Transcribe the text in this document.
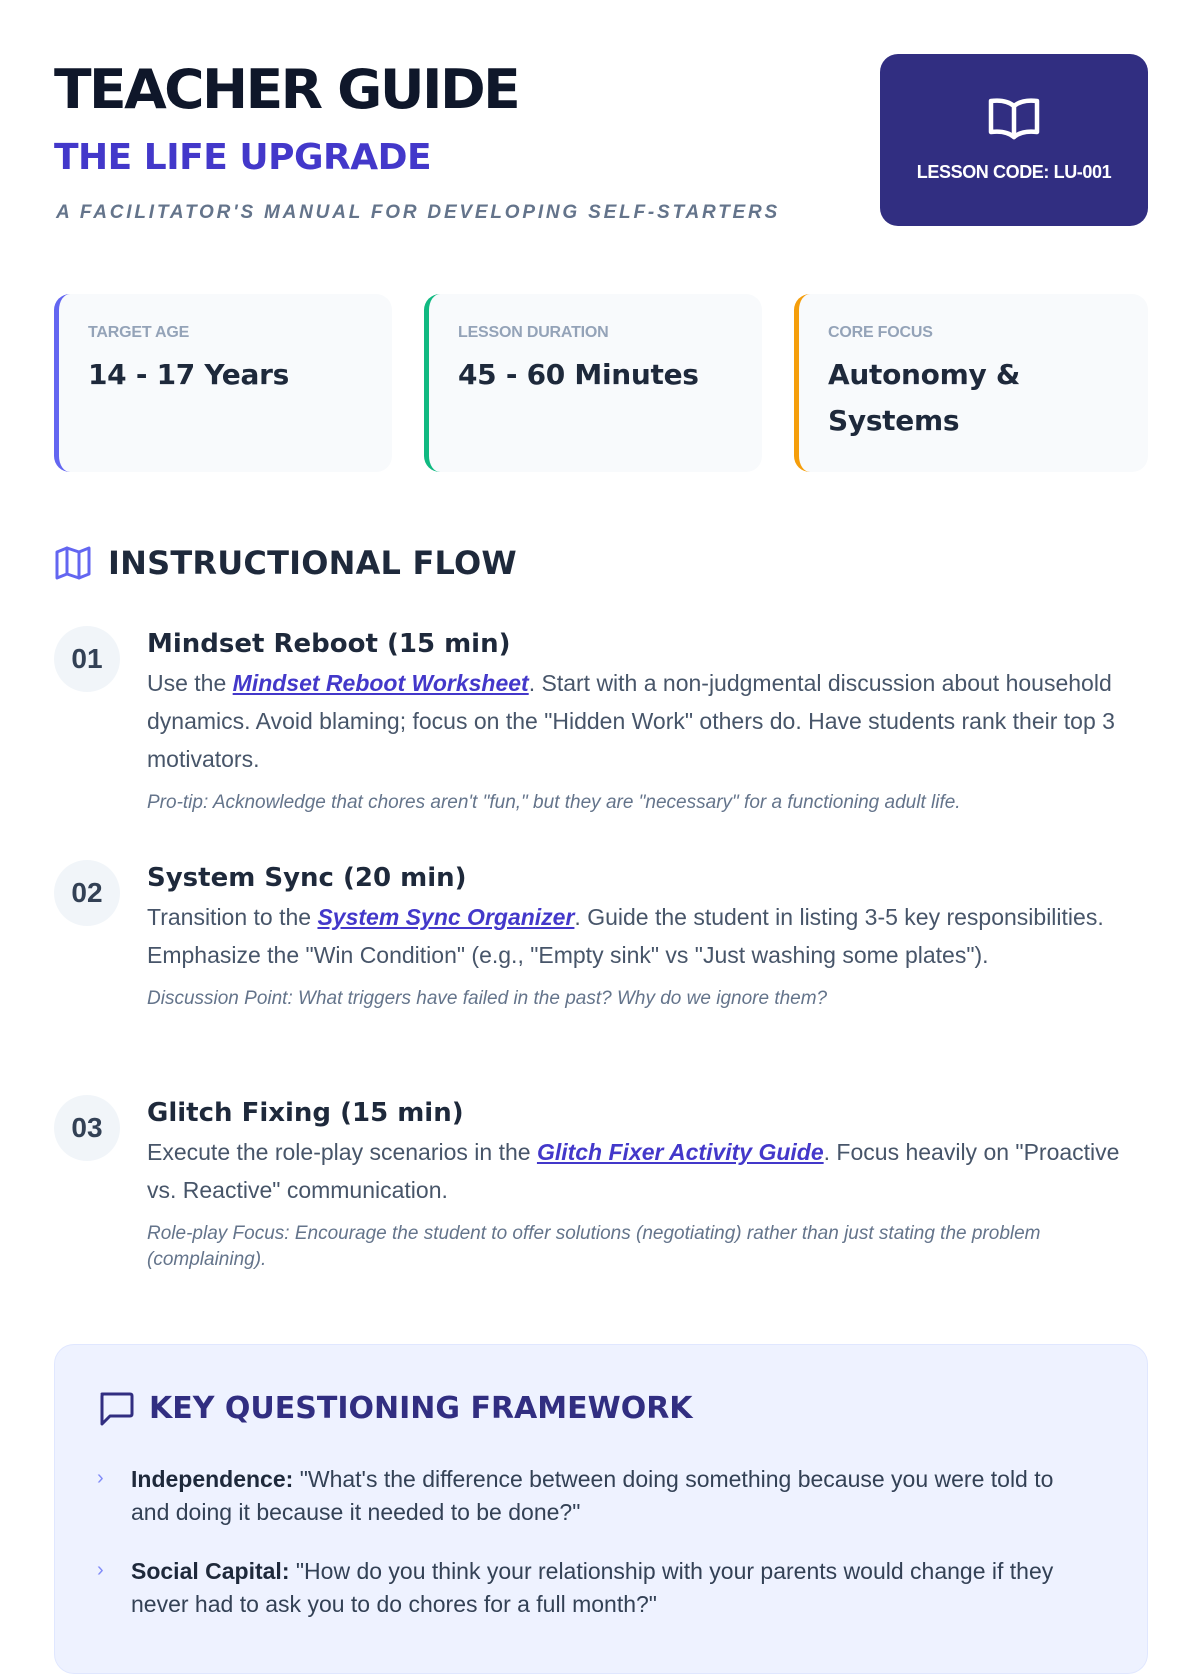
TEACHER GUIDE
THE LIFE UPGRADE
A FACILITATOR'S MANUAL FOR DEVELOPING SELF-STARTERS
LESSON CODE: LU-001
TARGET AGE
14 - 17 Years
LESSON DURATION
45 - 60 Minutes
CORE FOCUS
Autonomy & Systems
INSTRUCTIONAL FLOW
01	Mindset Reboot (15 min)
Use the Mindset Reboot Worksheet. Start with a non-judgmental discussion about household dynamics. Avoid blaming; focus on the "Hidden Work" others do. Have students rank their top 3 motivators.
Pro-tip: Acknowledge that chores aren't "fun," but they are "necessary" for a functioning adult life.
02	System Sync (20 min)
Transition to the System Sync Organizer. Guide the student in listing 3-5 key responsibilities. Emphasize the "Win Condition" (e.g., "Empty sink" vs "Just washing some plates").
Discussion Point: What triggers have failed in the past? Why do we ignore them?
03	Glitch Fixing (15 min)
Execute the role-play scenarios in the Glitch Fixer Activity Guide. Focus heavily on "Proactive vs. Reactive" communication.
Role-play Focus: Encourage the student to offer solutions (negotiating) rather than just stating the problem (complaining).
KEY QUESTIONING FRAMEWORK
› Independence: "What's the difference between doing something because you were told to and doing it because it needed to be done?"
› Social Capital: "How do you think your relationship with your parents would change if they never had to ask you to do chores for a full month?"
